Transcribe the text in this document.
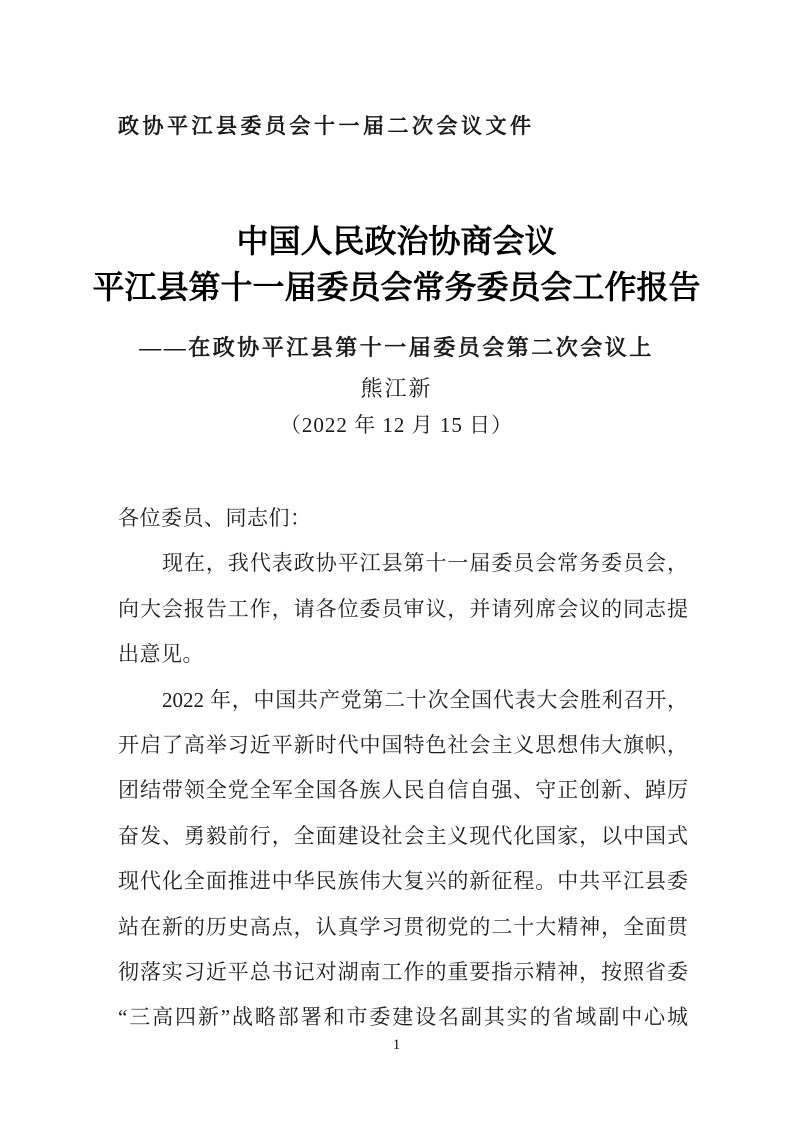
政协平江县委员会十一届二次会议文件
中国人民政治协商会议
平江县第十一届委员会常务委员会工作报告
——在政协平江县第十一届委员会第二次会议上
熊江新
（2022 年 12 月 15 日）
各位委员、同志们：
现在，我代表政协平江县第十一届委员会常务委员会，
向大会报告工作，请各位委员审议，并请列席会议的同志提
出意见。
2022 年，中国共产党第二十次全国代表大会胜利召开，
开启了高举习近平新时代中国特色社会主义思想伟大旗帜，
团结带领全党全军全国各族人民自信自强、守正创新、踔厉
奋发、勇毅前行，全面建设社会主义现代化国家，以中国式
现代化全面推进中华民族伟大复兴的新征程。中共平江县委
站在新的历史高点，认真学习贯彻党的二十大精神，全面贯
彻落实习近平总书记对湖南工作的重要指示精神，按照省委
“三高四新”战略部署和市委建设名副其实的省域副中心城
1
